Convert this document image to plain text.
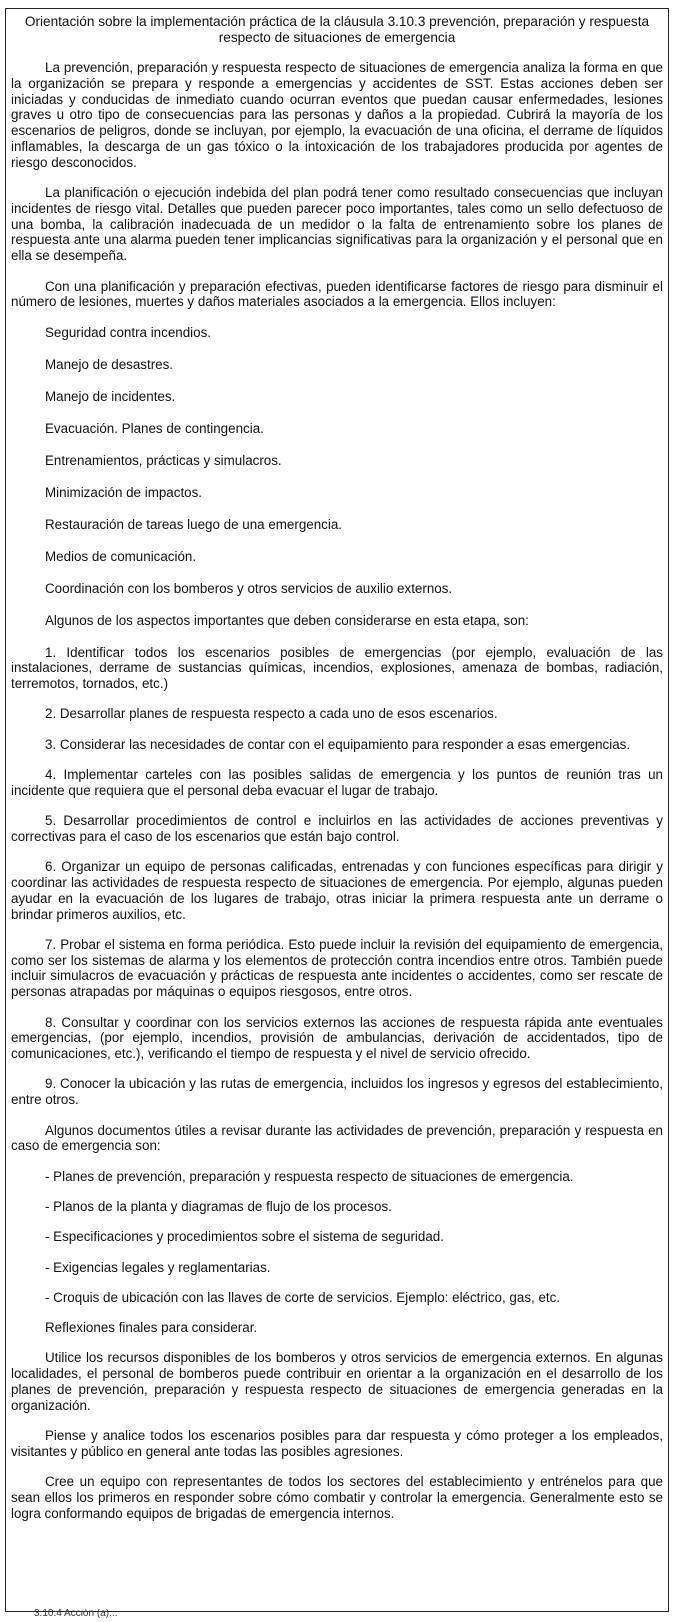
Orientación sobre la implementación práctica de la cláusula 3.10.3 prevención, preparación y respuesta respecto de situaciones de emergencia
La prevención, preparación y respuesta respecto de situaciones de emergencia analiza la forma en que la organización se prepara y responde a emergencias y accidentes de SST. Estas acciones deben ser iniciadas y conducidas de inmediato cuando ocurran eventos que puedan causar enfermedades, lesiones graves u otro tipo de consecuencias para las personas y daños a la propiedad. Cubrirá la mayoría de los escenarios de peligros, donde se incluyan, por ejemplo, la evacuación de una oficina, el derrame de líquidos inflamables, la descarga de un gas tóxico o la intoxicación de los trabajadores producida por agentes de riesgo desconocidos.
La planificación o ejecución indebida del plan podrá tener como resultado consecuencias que incluyan incidentes de riesgo vital. Detalles que pueden parecer poco importantes, tales como un sello defectuoso de una bomba, la calibración inadecuada de un medidor o la falta de entrenamiento sobre los planes de respuesta ante una alarma pueden tener implicancias significativas para la organización y el personal que en ella se desempeña.
Con una planificación y preparación efectivas, pueden identificarse factores de riesgo para disminuir el número de lesiones, muertes y daños materiales asociados a la emergencia. Ellos incluyen:
Seguridad contra incendios.
Manejo de desastres.
Manejo de incidentes.
Evacuación. Planes de contingencia.
Entrenamientos, prácticas y simulacros.
Minimización de impactos.
Restauración de tareas luego de una emergencia.
Medios de comunicación.
Coordinación con los bomberos y otros servicios de auxilio externos.
Algunos de los aspectos importantes que deben considerarse en esta etapa, son:
1. Identificar todos los escenarios posibles de emergencias (por ejemplo, evaluación de las instalaciones, derrame de sustancias químicas, incendios, explosiones, amenaza de bombas, radiación, terremotos, tornados, etc.)
2. Desarrollar planes de respuesta respecto a cada uno de esos escenarios.
3. Considerar las necesidades de contar con el equipamiento para responder a esas emergencias.
4. Implementar carteles con las posibles salidas de emergencia y los puntos de reunión tras un incidente que requiera que el personal deba evacuar el lugar de trabajo.
5. Desarrollar procedimientos de control e incluirlos en las actividades de acciones preventivas y correctivas para el caso de los escenarios que están bajo control.
6. Organizar un equipo de personas calificadas, entrenadas y con funciones específicas para dirigir y coordinar las actividades de respuesta respecto de situaciones de emergencia. Por ejemplo, algunas pueden ayudar en la evacuación de los lugares de trabajo, otras iniciar la primera respuesta ante un derrame o brindar primeros auxilios, etc.
7. Probar el sistema en forma periódica. Esto puede incluir la revisión del equipamiento de emergencia, como ser los sistemas de alarma y los elementos de protección contra incendios entre otros. También puede incluir simulacros de evacuación y prácticas de respuesta ante incidentes o accidentes, como ser rescate de personas atrapadas por máquinas o equipos riesgosos, entre otros.
8. Consultar y coordinar con los servicios externos las acciones de respuesta rápida ante eventuales emergencias, (por ejemplo, incendios, provisión de ambulancias, derivación de accidentados, tipo de comunicaciones, etc.), verificando el tiempo de respuesta y el nivel de servicio ofrecido.
9. Conocer la ubicación y las rutas de emergencia, incluidos los ingresos y egresos del establecimiento, entre otros.
Algunos documentos útiles a revisar durante las actividades de prevención, preparación y respuesta en caso de emergencia son:
- Planes de prevención, preparación y respuesta respecto de situaciones de emergencia.
- Planos de la planta y diagramas de flujo de los procesos.
- Especificaciones y procedimientos sobre el sistema de seguridad.
- Exigencias legales y reglamentarias.
- Croquis de ubicación con las llaves de corte de servicios. Ejemplo: eléctrico, gas, etc.
Reflexiones finales para considerar.
Utilice los recursos disponibles de los bomberos y otros servicios de emergencia externos. En algunas localidades, el personal de bomberos puede contribuir en orientar a la organización en el desarrollo de los planes de prevención, preparación y respuesta respecto de situaciones de emergencia generadas en la organización.
Piense y analice todos los escenarios posibles para dar respuesta y cómo proteger a los empleados, visitantes y público en general ante todas las posibles agresiones.
Cree un equipo con representantes de todos los sectores del establecimiento y entrénelos para que sean ellos los primeros en responder sobre cómo combatir y controlar la emergencia. Generalmente esto se logra conformando equipos de brigadas de emergencia internos.
3.10.4 Acción (a)...
